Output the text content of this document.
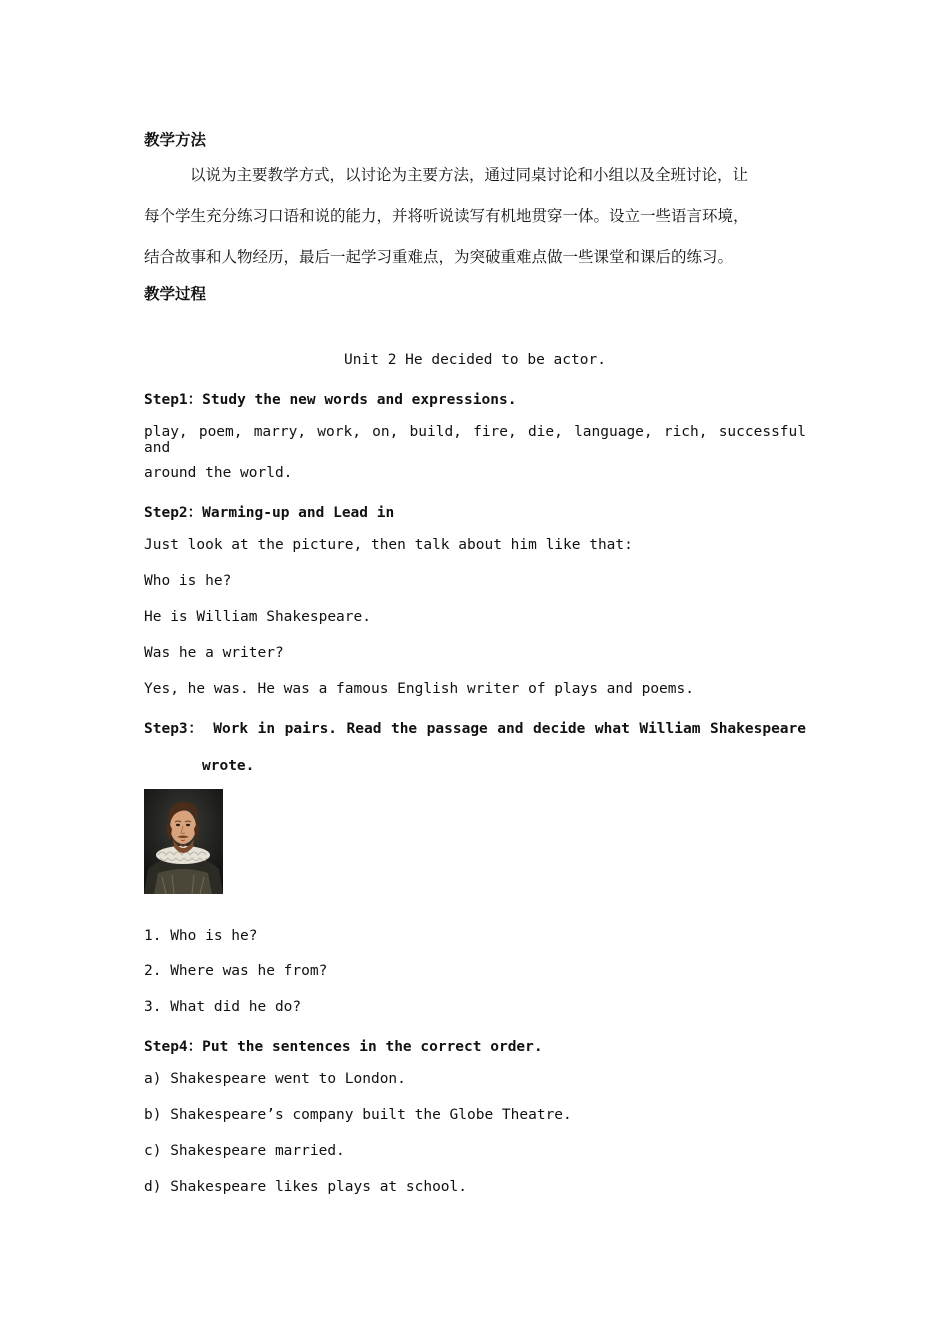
教学方法
以说为主要教学方式，以讨论为主要方法，通过同桌讨论和小组以及全班讨论，让
每个学生充分练习口语和说的能力，并将听说读写有机地贯穿一体。设立一些语言环境，
结合故事和人物经历，最后一起学习重难点，为突破重难点做一些课堂和课后的练习。
教学过程
Unit 2 He decided to be actor.
Step1：Study the new words and expressions.
play, poem, marry, work, on, build, fire, die, language, rich, successful and
around the world.
Step2：Warming-up and Lead in
Just look at the picture, then talk about him like that:
Who is he?
He is William Shakespeare.
Was he a writer?
Yes, he was. He was a famous English writer of plays and poems.
Step3： Work in pairs. Read the passage and decide what William Shakespeare
wrote.
1. Who is he?
2. Where was he from?
3. What did he do?
Step4：Put the sentences in the correct order.
a) Shakespeare went to London.
b) Shakespeare’s company built the Globe Theatre.
c) Shakespeare married.
d) Shakespeare likes plays at school.
